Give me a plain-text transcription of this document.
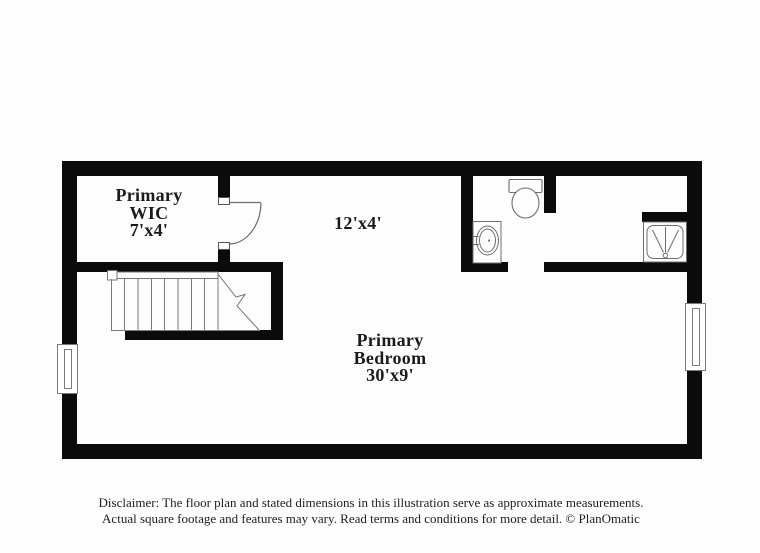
Primary
WIC
7'x4'	12'x4'
Primary
Bedroom
30'x9'
Disclaimer: The floor plan and stated dimensions in this illustration serve as approximate measurements.
Actual square footage and features may vary. Read terms and conditions for more detail. © PlanOmatic
